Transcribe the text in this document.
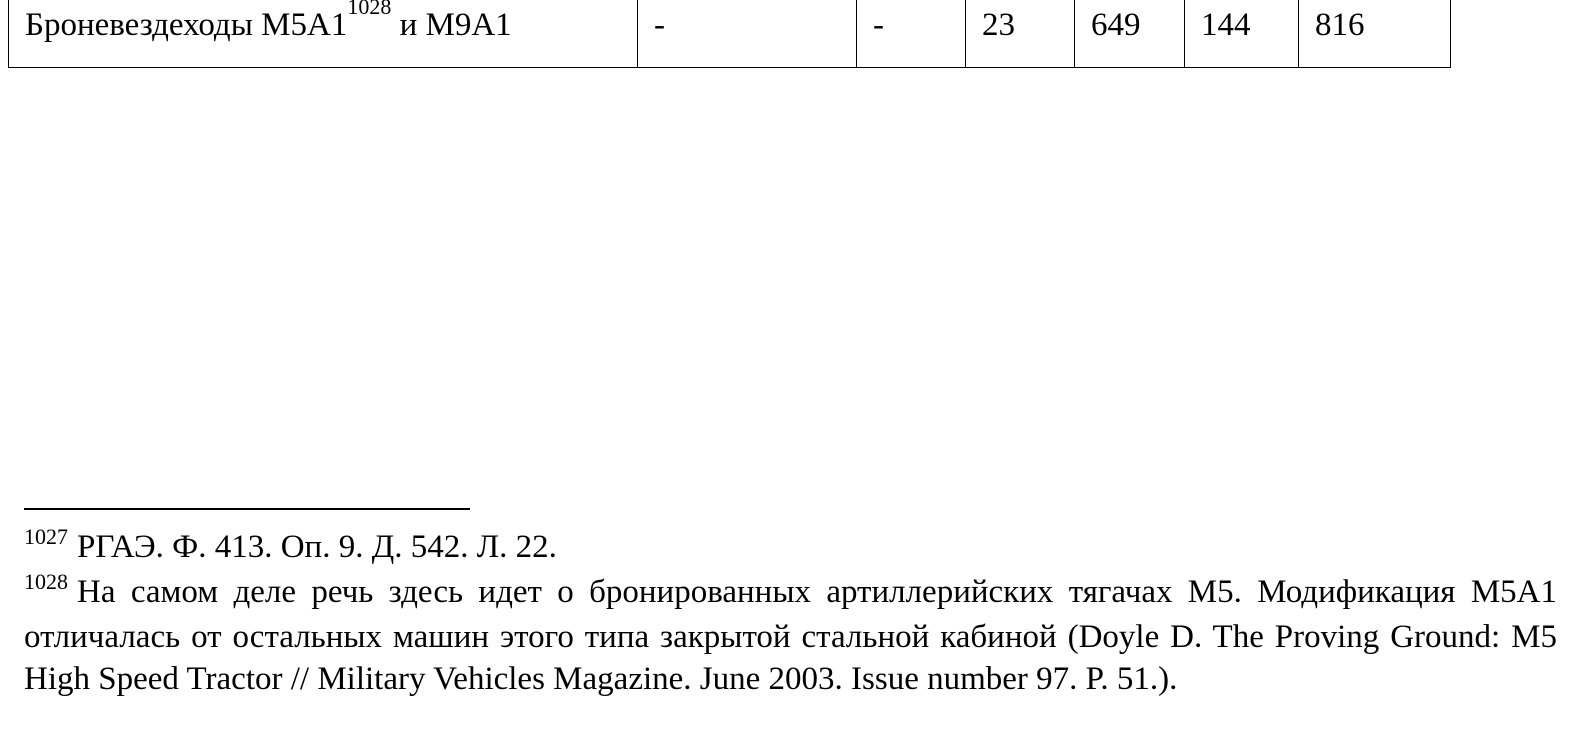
Броневездеходы $М5А1^{1028}$ и М9А1	-	-	23	649	144	816

$^{1027}$ РГАЭ. Ф. 413. Оп. 9. Д. 542. Л. 22.

$^{1028}$ На самом деле речь здесь идет о бронированных артиллерийских тягачах М5. Модификация М5А1 отличалась от остальных машин этого типа закрытой стальной кабиной (Doyle D. The Proving Ground: M5 High Speed Tractor // Military Vehicles Magazine. June 2003. Issue number 97. P. 51.).
